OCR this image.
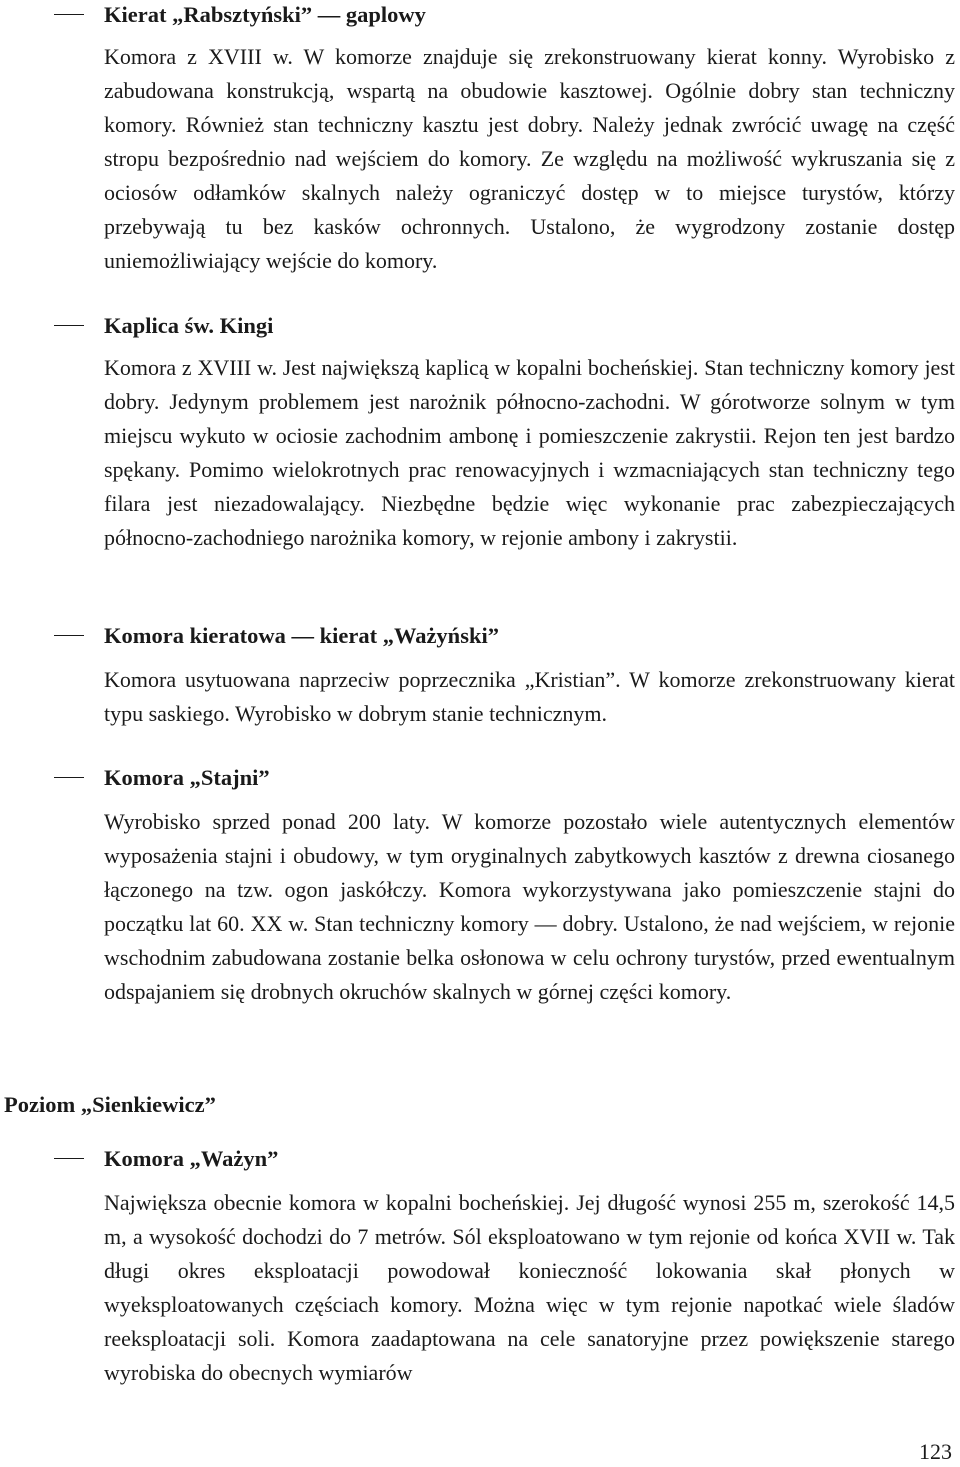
Kierat „Rabsztyński” — gaplowy
Komora z XVIII w. W komorze znajduje się zrekonstruowany kierat konny. Wyrobisko z zabudowana konstrukcją, wspartą na obudowie kasztowej. Ogólnie dobry stan techniczny komory. Również stan techniczny kasztu jest dobry. Należy jednak zwrócić uwagę na część stropu bezpośrednio nad wejściem do komory. Ze względu na możliwość wykruszania się z ociosów odłamków skalnych należy ograniczyć dostęp w to miejsce turystów, którzy przebywają tu bez kasków ochronnych. Ustalono, że wygrodzony zostanie dostęp uniemożliwiający wejście do komory.
Kaplica św. Kingi
Komora z XVIII w. Jest największą kaplicą w kopalni bocheńskiej. Stan techniczny komory jest dobry. Jedynym problemem jest narożnik północno-zachodni. W górotworze solnym w tym miejscu wykuto w ociosie zachodnim ambonę i pomieszczenie zakrystii. Rejon ten jest bardzo spękany. Pomimo wielokrotnych prac renowacyjnych i wzmacniających stan techniczny tego filara jest niezadowalający. Niezbędne będzie więc wykonanie prac zabezpieczających północno-zachodniego narożnika komory, w rejonie ambony i zakrystii.
Komora kieratowa — kierat „Ważyński”
Komora usytuowana naprzeciw poprzecznika „Kristian”. W komorze zrekonstruowany kierat typu saskiego. Wyrobisko w dobrym stanie technicznym.
Komora „Stajni”
Wyrobisko sprzed ponad 200 laty. W komorze pozostało wiele autentycznych elementów wyposażenia stajni i obudowy, w tym oryginalnych zabytkowych kasztów z drewna ciosanego łączonego na tzw. ogon jaskółczy. Komora wykorzystywana jako pomieszczenie stajni do początku lat 60. XX w. Stan techniczny komory — dobry. Ustalono, że nad wejściem, w rejonie wschodnim zabudowana zostanie belka osłonowa w celu ochrony turystów, przed ewentualnym odspajaniem się drobnych okruchów skalnych w górnej części komory.
Poziom „Sienkiewicz”
Komora „Ważyn”
Największa obecnie komora w kopalni bocheńskiej. Jej długość wynosi 255 m, szerokość 14,5 m, a wysokość dochodzi do 7 metrów. Sól eksploatowano w tym rejonie od końca XVII w. Tak długi okres eksploatacji powodował konieczność lokowania skał płonych w wyeksploatowanych częściach komory. Można więc w tym rejonie napotkać wiele śladów reeksploatacji soli. Komora zaadaptowana na cele sanatoryjne przez powiększenie starego wyrobiska do obecnych wymiarów
123
